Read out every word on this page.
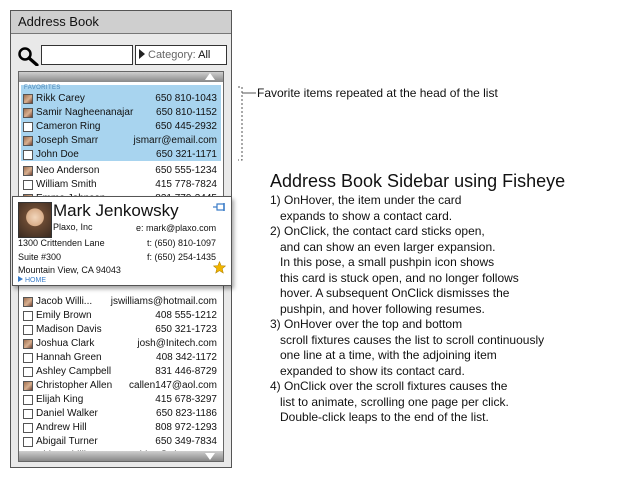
Address Book
Category: All
FAVORITES
Rikk Carey	650 810-1043
Samir Nagheenanajar 650 810-1152
Cameron Ring	650 445-2932
Joseph Smarr	jsmarr@email.com
John Doe	650 321-1171
Neo Anderson	650 555-1234
William Smith	415 778-7824
Jacob Willi... jswilliams@hotmail.com
Emily Brown	408 555-1212
Madison Davis	650 321-1723
Joshua Clark	josh@Initech.com
Hannah Green	408 342-1172
Ashley Campbell	831 446-8729
Christopher Allen callen147@aol.com
Elijah King	415 678-3297
Daniel Walker	650 823-1186
Andrew Hill	808 972-1293
Abigail Turner	650 349-7834
Mark Jenkowsky
Plaxo, Inc	e: mark@plaxo.com
1300 Crittenden Lane
Suite #300
Mountain View, CA 94043
t: (650) 810-1097
f: (650) 254-1435
HOME
Favorite items repeated at the head of the list
Address Book Sidebar using Fisheye
1) OnHover, the item under the card
expands to show a contact card.
2) OnClick, the contact card sticks open,
and can show an even larger expansion.
In this pose, a small pushpin icon shows
this card is stuck open, and no longer follows
hover. A subsequent OnClick dismisses the
pushpin, and hover following resumes.
3) OnHover over the top and bottom
scroll fixtures causes the list to scroll continuously
one line at a time, with the adjoining item
expanded to show its contact card.
4) OnClick over the scroll fixtures causes the
list to animate, scrolling one page per click.
Double-click leaps to the end of the list.
